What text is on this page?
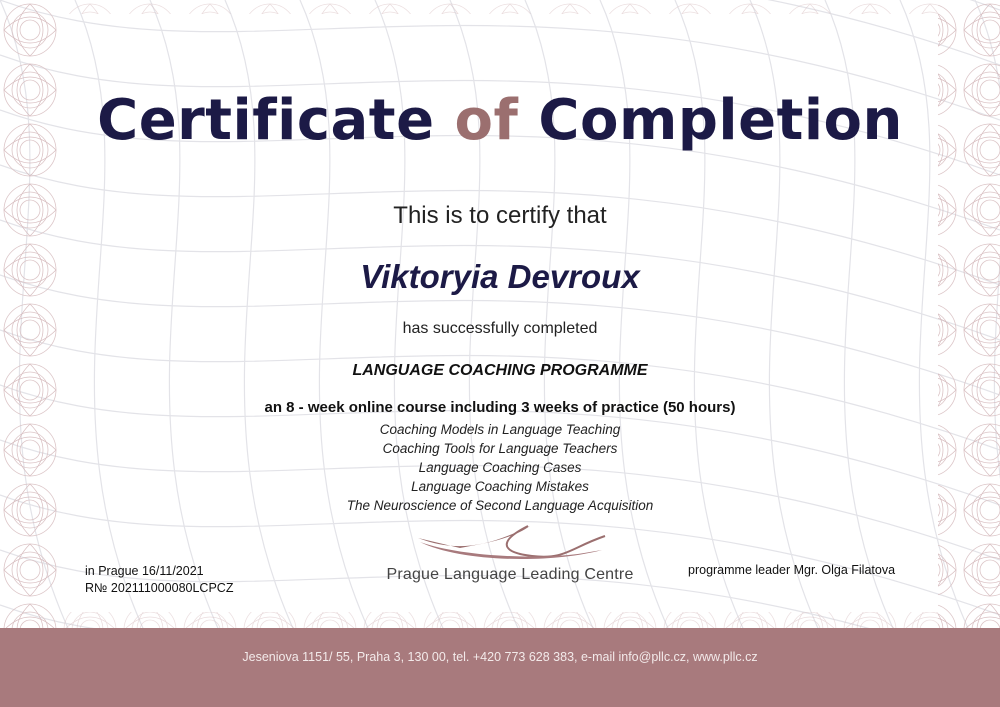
Certificate of Completion
This is to certify that
Viktoryia Devroux
has successfully completed
LANGUAGE COACHING PROGRAMME
an 8 - week online course including 3 weeks of practice (50 hours)
Coaching Models in Language Teaching
Coaching Tools for Language Teachers
Language Coaching Cases
Language Coaching Mistakes
The Neuroscience of Second Language Acquisition
in Prague 16/11/2021
R№ 202111000080LCPCZ
Prague Language Leading Centre	programme leader Mgr. Olga Filatova
Jeseniova 1151/ 55, Praha 3, 130 00, tel. +420 773 628 383, e-mail info@pllc.cz, www.pllc.cz
